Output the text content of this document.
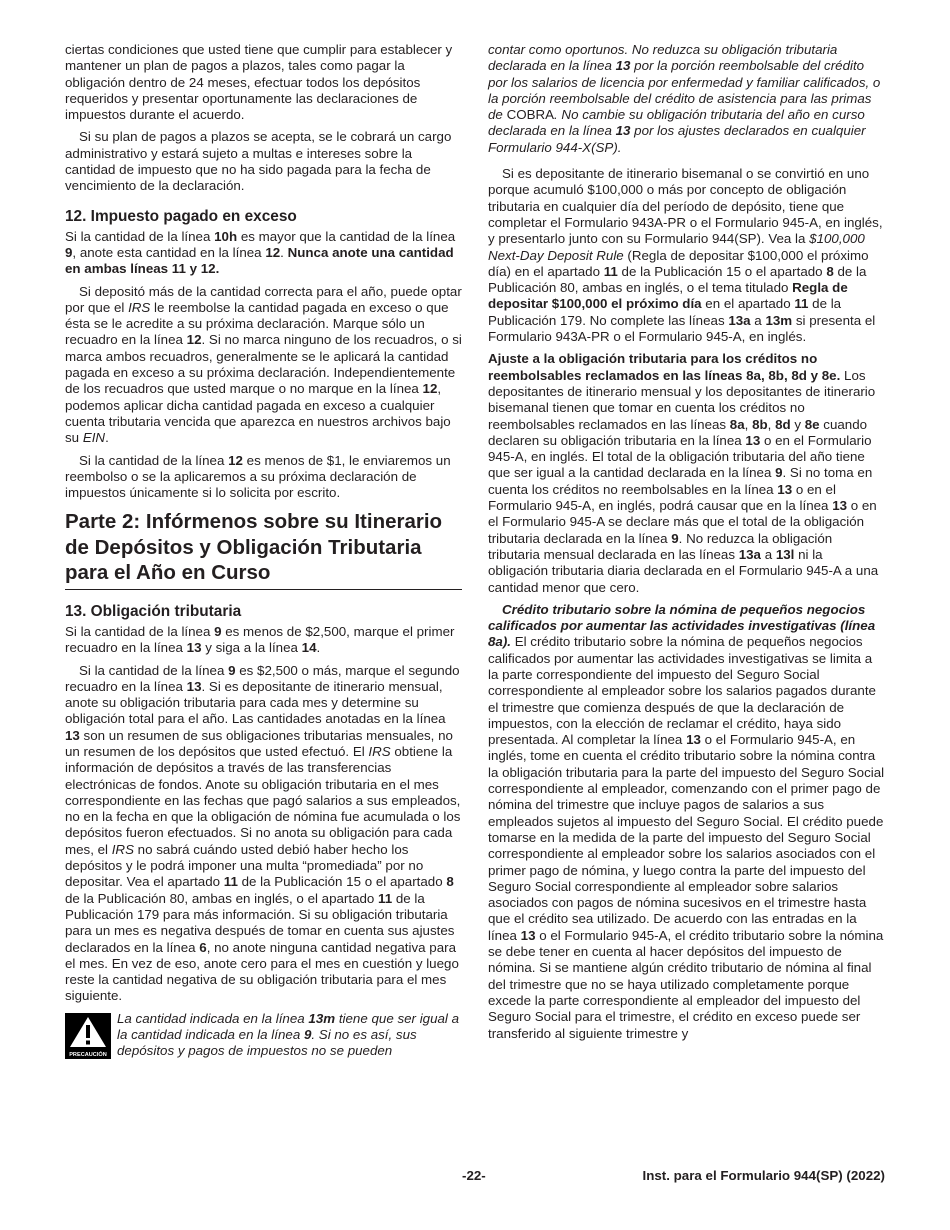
ciertas condiciones que usted tiene que cumplir para establecer y mantener un plan de pagos a plazos, tales como pagar la obligación dentro de 24 meses, efectuar todos los depósitos requeridos y presentar oportunamente las declaraciones de impuestos durante el acuerdo.

Si su plan de pagos a plazos se acepta, se le cobrará un cargo administrativo y estará sujeto a multas e intereses sobre la cantidad de impuesto que no ha sido pagada para la fecha de vencimiento de la declaración.

12. Impuesto pagado en exceso

Si la cantidad de la línea 10h es mayor que la cantidad de la línea 9, anote esta cantidad en la línea 12. Nunca anote una cantidad en ambas líneas 11 y 12.

Si depositó más de la cantidad correcta para el año, puede optar por que el IRS le reembolse la cantidad pagada en exceso o que ésta se le acredite a su próxima declaración. Marque sólo un recuadro en la línea 12. Si no marca ninguno de los recuadros, o si marca ambos recuadros, generalmente se le aplicará la cantidad pagada en exceso a su próxima declaración. Independientemente de los recuadros que usted marque o no marque en la línea 12, podemos aplicar dicha cantidad pagada en exceso a cualquier cuenta tributaria vencida que aparezca en nuestros archivos bajo su EIN.

Si la cantidad de la línea 12 es menos de $1, le enviaremos un reembolso o se la aplicaremos a su próxima declaración de impuestos únicamente si lo solicita por escrito.

Parte 2: Infórmenos sobre su Itinerario de Depósitos y Obligación Tributaria para el Año en Curso
13. Obligación tributaria

Si la cantidad de la línea 9 es menos de $2,500, marque el primer recuadro en la línea 13 y siga a la línea 14.

Si la cantidad de la línea 9 es $2,500 o más, marque el segundo recuadro en la línea 13. Si es depositante de itinerario mensual, anote su obligación tributaria para cada mes y determine su obligación total para el año. Las cantidades anotadas en la línea 13 son un resumen de sus obligaciones tributarias mensuales, no un resumen de los depósitos que usted efectuó. El IRS obtiene la información de depósitos a través de las transferencias electrónicas de fondos. Anote su obligación tributaria en el mes correspondiente en las fechas que pagó salarios a sus empleados, no en la fecha en que la obligación de nómina fue acumulada o los depósitos fueron efectuados. Si no anota su obligación para cada mes, el IRS no sabrá cuándo usted debió haber hecho los depósitos y le podrá imponer una multa “promediada” por no depositar. Vea el apartado 11 de la Publicación 15 o el apartado 8 de la Publicación 80, ambas en inglés, o el apartado 11 de la Publicación 179 para más información. Si su obligación tributaria para un mes es negativa después de tomar en cuenta sus ajustes declarados en la línea 6, no anote ninguna cantidad negativa para el mes. En vez de eso, anote cero para el mes en cuestión y luego reste la cantidad negativa de su obligación tributaria para el mes siguiente.

PRECAUCIÓN

La cantidad indicada en la línea 13m tiene que ser igual a la cantidad indicada en la línea 9. Si no es así, sus depósitos y pagos de impuestos no se pueden

contar como oportunos. No reduzca su obligación tributaria declarada en la línea 13 por la porción reembolsable del crédito por los salarios de licencia por enfermedad y familiar calificados, o la porción reembolsable del crédito de asistencia para las primas de COBRA. No cambie su obligación tributaria del año en curso declarada en la línea 13 por los ajustes declarados en cualquier Formulario 944-X(SP).

Si es depositante de itinerario bisemanal o se convirtió en uno porque acumuló $100,000 o más por concepto de obligación tributaria en cualquier día del período de depósito, tiene que completar el Formulario 943A-PR o el Formulario 945-A, en inglés, y presentarlo junto con su Formulario 944(SP). Vea la $100,000 Next-Day Deposit Rule (Regla de depositar $100,000 el próximo día) en el apartado 11 de la Publicación 15 o el apartado 8 de la Publicación 80, ambas en inglés, o el tema titulado Regla de depositar $100,000 el próximo día en el apartado 11 de la Publicación 179. No complete las líneas 13a a 13m si presenta el Formulario 943A-PR o el Formulario 945-A, en inglés.

Ajuste a la obligación tributaria para los créditos no reembolsables reclamados en las líneas 8a, 8b, 8d y 8e. Los depositantes de itinerario mensual y los depositantes de itinerario bisemanal tienen que tomar en cuenta los créditos no reembolsables reclamados en las líneas 8a, 8b, 8d y 8e cuando declaren su obligación tributaria en la línea 13 o en el Formulario 945-A, en inglés. El total de la obligación tributaria del año tiene que ser igual a la cantidad declarada en la línea 9. Si no toma en cuenta los créditos no reembolsables en la línea 13 o en el Formulario 945-A, en inglés, podrá causar que en la línea 13 o en el Formulario 945-A se declare más que el total de la obligación tributaria declarada en la línea 9. No reduzca la obligación tributaria mensual declarada en las líneas 13a a 13l ni la obligación tributaria diaria declarada en el Formulario 945-A a una cantidad menor que cero.

Crédito tributario sobre la nómina de pequeños negocios calificados por aumentar las actividades investigativas (línea 8a). El crédito tributario sobre la nómina de pequeños negocios calificados por aumentar las actividades investigativas se limita a la parte correspondiente del impuesto del Seguro Social correspondiente al empleador sobre los salarios pagados durante el trimestre que comienza después de que la declaración de impuestos, con la elección de reclamar el crédito, haya sido presentada. Al completar la línea 13 o el Formulario 945-A, en inglés, tome en cuenta el crédito tributario sobre la nómina contra la obligación tributaria para la parte del impuesto del Seguro Social correspondiente al empleador, comenzando con el primer pago de nómina del trimestre que incluye pagos de salarios a sus empleados sujetos al impuesto del Seguro Social. El crédito puede tomarse en la medida de la parte del impuesto del Seguro Social correspondiente al empleador sobre los salarios asociados con el primer pago de nómina, y luego contra la parte del impuesto del Seguro Social correspondiente al empleador sobre salarios asociados con pagos de nómina sucesivos en el trimestre hasta que el crédito sea utilizado. De acuerdo con las entradas en la línea 13 o el Formulario 945-A, el crédito tributario sobre la nómina se debe tener en cuenta al hacer depósitos del impuesto de nómina. Si se mantiene algún crédito tributario de nómina al final del trimestre que no se haya utilizado completamente porque excede la parte correspondiente al empleador del impuesto del Seguro Social para el trimestre, el crédito en exceso puede ser transferido al siguiente trimestre y

-22-	Inst. para el Formulario 944(SP) (2022)
